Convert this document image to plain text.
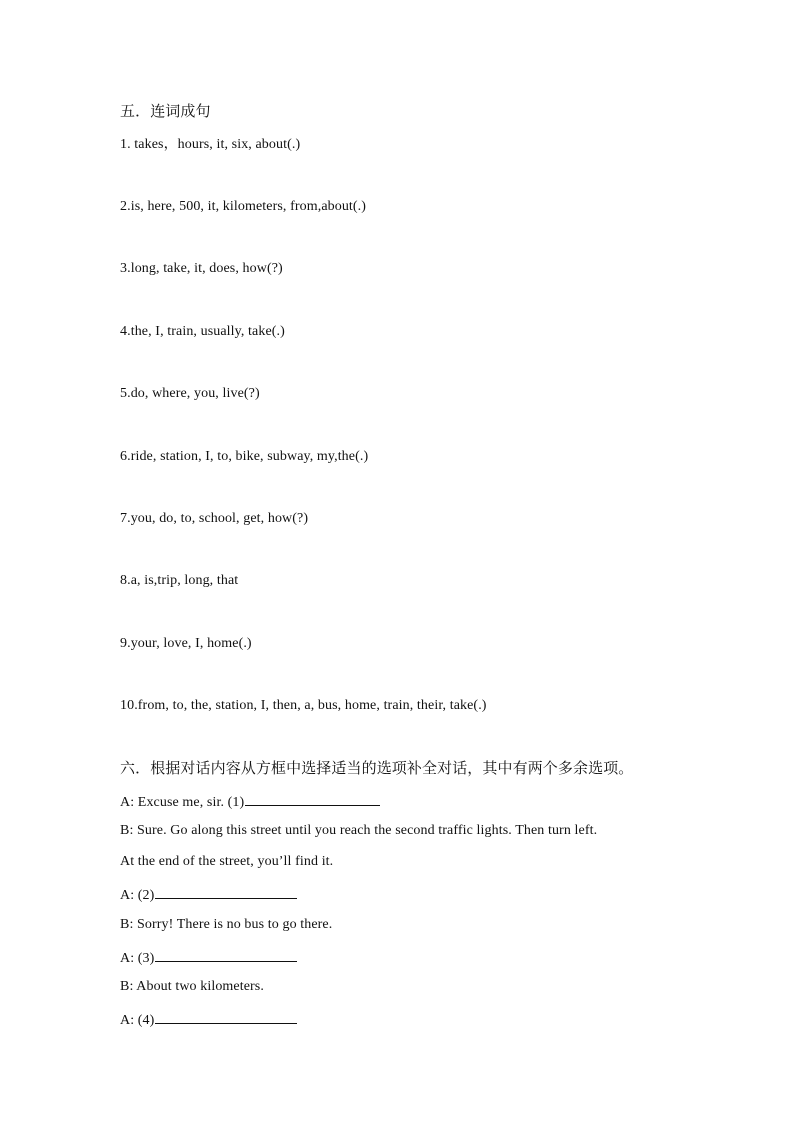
五．连词成句
1. takes，hours, it, six, about(.)
2.is, here, 500, it, kilometers, from,about(.)
3.long, take, it, does, how(?)
4.the, I, train, usually, take(.)
5.do, where, you, live(?)
6.ride, station, I, to, bike, subway, my,the(.)
7.you, do, to, school, get, how(?)
8.a, is,trip, long, that
9.your, love, I, home(.)
10.from, to, the, station, I, then, a, bus, home, train, their, take(.)
六．根据对话内容从方框中选择适当的选项补全对话，其中有两个多余选项。
A: Excuse me, sir. (1)
B: Sure. Go along this street until you reach the second traffic lights. Then turn left.
At the end of the street, you’ll find it.
A: (2)
B: Sorry! There is no bus to go there.
A: (3)
B: About two kilometers.
A: (4)
